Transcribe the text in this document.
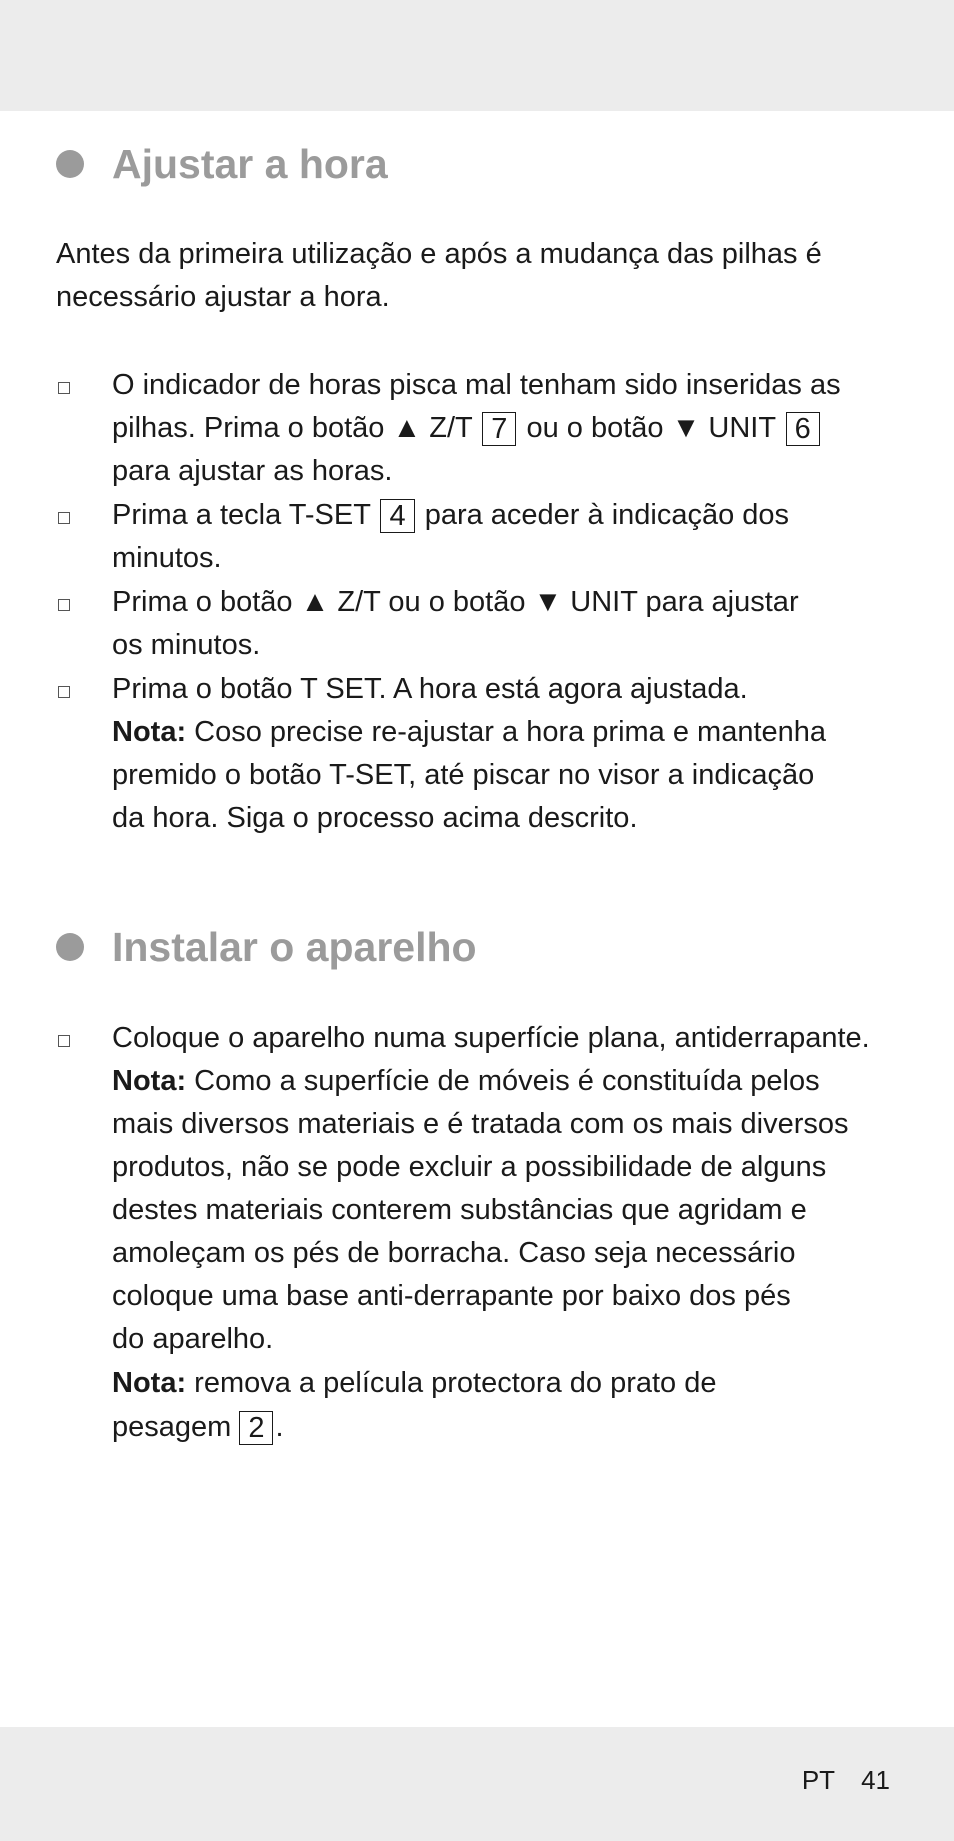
Ajustar a hora
Antes da primeira utilização e após a mudança das pilhas é
necessário ajustar a hora.
O indicador de horas pisca mal tenham sido inseridas as
pilhas. Prima o botão ▲ Z/T 7 ou o botão ▼ UNIT 6
para ajustar as horas.
Prima a tecla T-SET 4 para aceder à indicação dos
minutos.
Prima o botão ▲ Z/T ou o botão ▼ UNIT para ajustar
os minutos.
Prima o botão T SET. A hora está agora ajustada.
Nota: Coso precise re-ajustar a hora prima e mantenha
premido o botão T-SET, até piscar no visor a indicação
da hora. Siga o processo acima descrito.
Instalar o aparelho
Coloque o aparelho numa superfície plana, antiderrapante.
Nota: Como a superfície de móveis é constituída pelos
mais diversos materiais e é tratada com os mais diversos
produtos, não se pode excluir a possibilidade de alguns
destes materiais conterem substâncias que agridam e
amoleçam os pés de borracha. Caso seja necessário
coloque uma base anti-derrapante por baixo dos pés
do aparelho.
Nota: remova a película protectora do prato de
pesagem 2 .
PT 41
